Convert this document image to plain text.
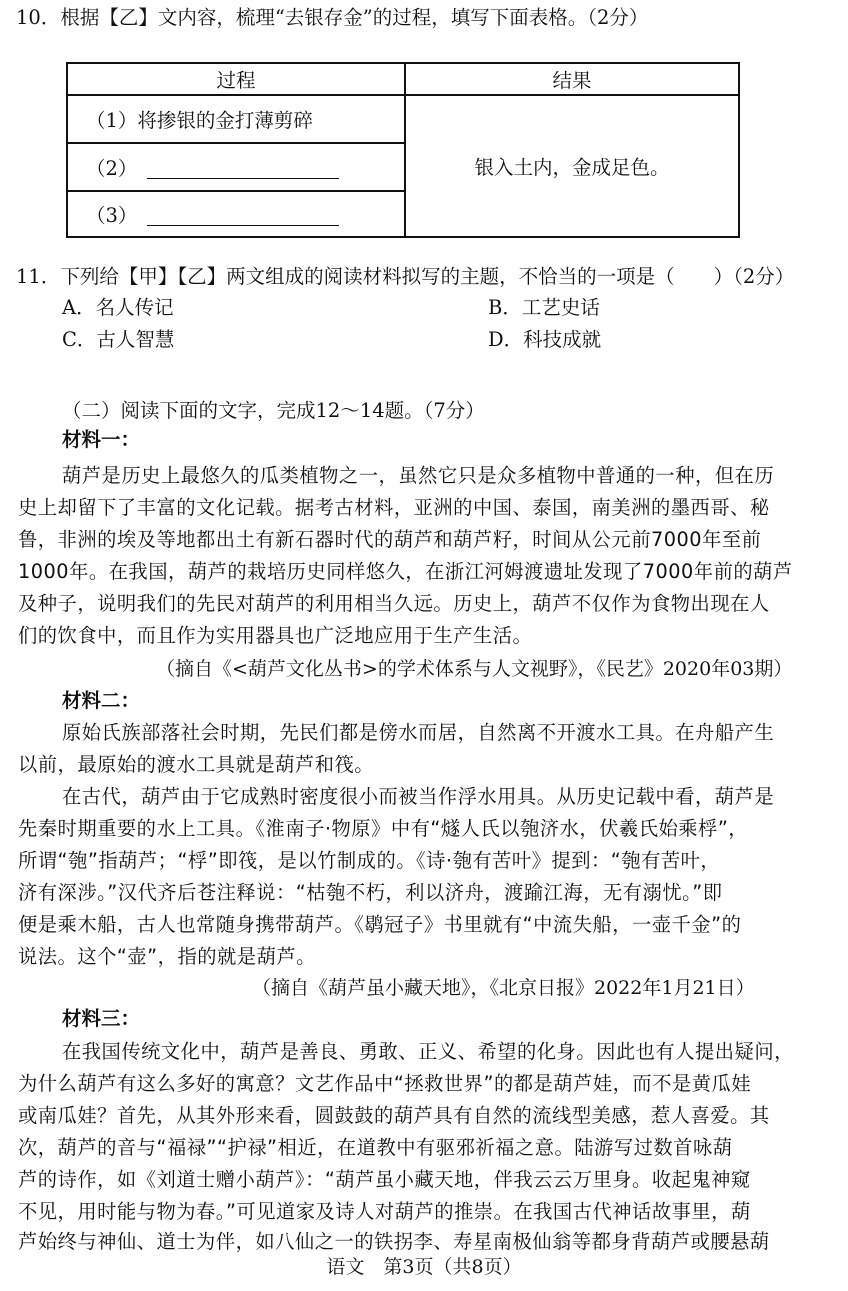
10．根据【乙】文内容，梳理“去银存金”的过程，填写下面表格。（2分）
过程	结果
（1）将掺银的金打薄剪碎	银入土内，金成足色。
（2）	
（3）	
11．下列给【甲】【乙】两文组成的阅读材料拟写的主题，不恰当的一项是（　　）（2分）
A．名人传记	B．工艺史话
C．古人智慧	D．科技成就
（二）阅读下面的文字，完成12～14题。（7分）
材料一：
葫芦是历史上最悠久的瓜类植物之一，虽然它只是众多植物中普通的一种，但在历
史上却留下了丰富的文化记载。据考古材料，亚洲的中国、泰国，南美洲的墨西哥、秘
鲁，非洲的埃及等地都出土有新石器时代的葫芦和葫芦籽，时间从公元前7000年至前
1000年。在我国，葫芦的栽培历史同样悠久，在浙江河姆渡遗址发现了7000年前的葫芦
及种子，说明我们的先民对葫芦的利用相当久远。历史上，葫芦不仅作为食物出现在人
们的饮食中，而且作为实用器具也广泛地应用于生产生活。
（摘自《<葫芦文化丛书>的学术体系与人文视野》，《民艺》2020年03期）
材料二：
原始氏族部落社会时期，先民们都是傍水而居，自然离不开渡水工具。在舟船产生
以前，最原始的渡水工具就是葫芦和筏。
在古代，葫芦由于它成熟时密度很小而被当作浮水用具。从历史记载中看，葫芦是
先秦时期重要的水上工具。《淮南子·物原》中有“燧人氏以匏济水，伏羲氏始乘桴”，
所谓“匏”指葫芦；“桴”即筏，是以竹制成的。《诗·匏有苦叶》提到：“匏有苦叶，
济有深涉。”汉代齐后苍注释说：“枯匏不朽，利以济舟，渡踰江海，无有溺忧。”即
便是乘木船，古人也常随身携带葫芦。《鹖冠子》书里就有“中流失船，一壶千金”的
说法。这个“壶”，指的就是葫芦。
（摘自《葫芦虽小藏天地》，《北京日报》2022年1月21日）
材料三：
在我国传统文化中，葫芦是善良、勇敢、正义、希望的化身。因此也有人提出疑问，
为什么葫芦有这么多好的寓意？文艺作品中“拯救世界”的都是葫芦娃，而不是黄瓜娃
或南瓜娃？首先，从其外形来看，圆鼓鼓的葫芦具有自然的流线型美感，惹人喜爱。其
次，葫芦的音与“福禄”“护禄”相近，在道教中有驱邪祈福之意。陆游写过数首咏葫
芦的诗作，如《刘道士赠小葫芦》：“葫芦虽小藏天地，伴我云云万里身。收起鬼神窥
不见，用时能与物为春。”可见道家及诗人对葫芦的推崇。在我国古代神话故事里，葫
芦始终与神仙、道士为伴，如八仙之一的铁拐李、寿星南极仙翁等都身背葫芦或腰悬葫
语文　第3页（共8页）
